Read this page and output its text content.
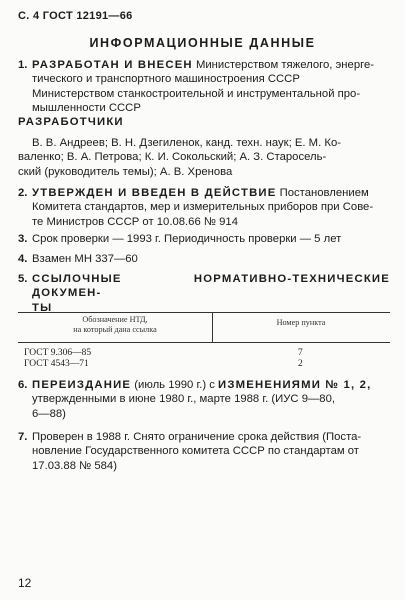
С. 4 ГОСТ 12191—66
ИНФОРМАЦИОННЫЕ ДАННЫЕ
1. РАЗРАБОТАН И ВНЕСЕН Министерством тяжелого, энерге-
тического и транспортного машиностроения СССР
Министерством станкостроительной и инструментальной про-
мышленности СССР
РАЗРАБОТЧИКИ
В. В. Андреев; В. Н. Дзегиленок, канд. техн. наук; Е. М. Ко-
валенко; В. А. Петрова; К. И. Сокольский; А. З. Старосель-
ский (руководитель темы); А. В. Хренова
2. УТВЕРЖДЕН И ВВЕДЕН В ДЕЙСТВИЕ Постановлением
Комитета стандартов, мер и измерительных приборов при Сове-
те Министров СССР от 10.08.66 № 914
3. Срок проверки — 1993 г. Периодичность проверки — 5 лет
4. Взамен МН 337—60
5. ССЫЛОЧНЫЕ НОРМАТИВНО-ТЕХНИЧЕСКИЕ ДОКУМЕН-
ТЫ
Обозначение НТД,
на который дана ссылка
Номер пункта
ГОСТ 9.306—85	7
ГОСТ 4543—71	2
6. ПЕРЕИЗДАНИЕ (июль 1990 г.) с ИЗМЕНЕНИЯМИ № 1, 2,
утвержденными в июне 1980 г., марте 1988 г. (ИУС 9—80,
6—88)
7. Проверен в 1988 г. Снято ограничение срока действия (Поста-
новление Государственного комитета СССР по стандартам от
17.03.88 № 584)
12
